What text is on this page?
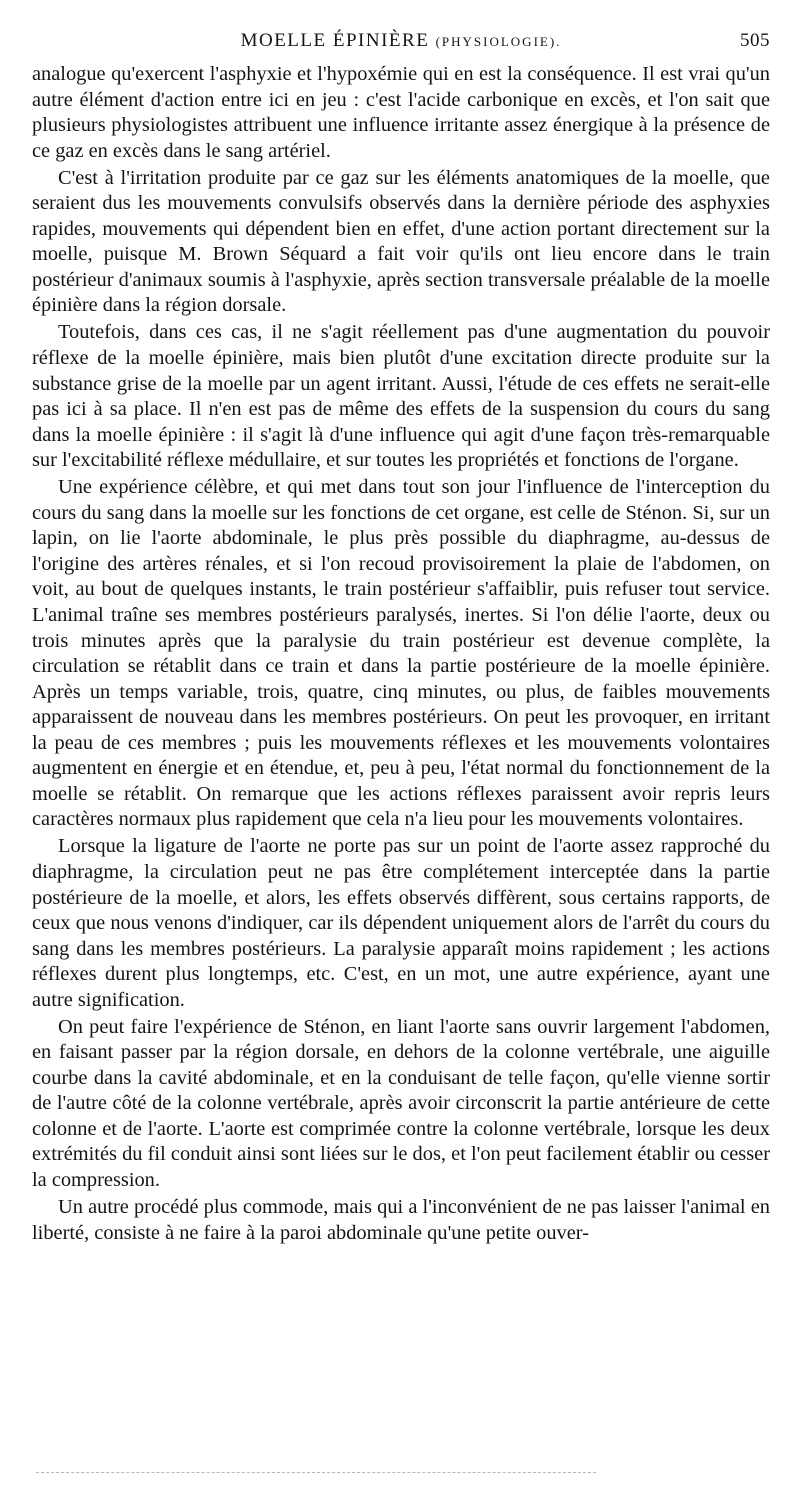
MOELLE ÉPINIÈRE (PHYSIOLOGIE).	505

analogue qu'exercent l'asphyxie et l'hypoxémie qui en est la conséquence. Il est vrai qu'un autre élément d'action entre ici en jeu : c'est l'acide carbonique en excès, et l'on sait que plusieurs physiologistes attribuent une influence irritante assez énergique à la présence de ce gaz en excès dans le sang artériel.

C'est à l'irritation produite par ce gaz sur les éléments anatomiques de la moelle, que seraient dus les mouvements convulsifs observés dans la dernière période des asphyxies rapides, mouvements qui dépendent bien en effet, d'une action portant directement sur la moelle, puisque M. Brown Séquard a fait voir qu'ils ont lieu encore dans le train postérieur d'animaux soumis à l'asphyxie, après section transversale préalable de la moelle épinière dans la région dorsale.

Toutefois, dans ces cas, il ne s'agit réellement pas d'une augmentation du pouvoir réflexe de la moelle épinière, mais bien plutôt d'une excitation directe produite sur la substance grise de la moelle par un agent irritant. Aussi, l'étude de ces effets ne serait-elle pas ici à sa place. Il n'en est pas de même des effets de la suspension du cours du sang dans la moelle épinière : il s'agit là d'une influence qui agit d'une façon très-remarquable sur l'excitabilité réflexe médullaire, et sur toutes les propriétés et fonctions de l'organe.

Une expérience célèbre, et qui met dans tout son jour l'influence de l'interception du cours du sang dans la moelle sur les fonctions de cet organe, est celle de Sténon. Si, sur un lapin, on lie l'aorte abdominale, le plus près possible du diaphragme, au-dessus de l'origine des artères rénales, et si l'on recoud provisoirement la plaie de l'abdomen, on voit, au bout de quelques instants, le train postérieur s'affaiblir, puis refuser tout service. L'animal traîne ses membres postérieurs paralysés, inertes. Si l'on délie l'aorte, deux ou trois minutes après que la paralysie du train postérieur est devenue complète, la circulation se rétablit dans ce train et dans la partie postérieure de la moelle épinière. Après un temps variable, trois, quatre, cinq minutes, ou plus, de faibles mouvements apparaissent de nouveau dans les membres postérieurs. On peut les provoquer, en irritant la peau de ces membres ; puis les mouvements réflexes et les mouvements volontaires augmentent en énergie et en étendue, et, peu à peu, l'état normal du fonctionnement de la moelle se rétablit. On remarque que les actions réflexes paraissent avoir repris leurs caractères normaux plus rapidement que cela n'a lieu pour les mouvements volontaires.

Lorsque la ligature de l'aorte ne porte pas sur un point de l'aorte assez rapproché du diaphragme, la circulation peut ne pas être complétement interceptée dans la partie postérieure de la moelle, et alors, les effets observés diffèrent, sous certains rapports, de ceux que nous venons d'indiquer, car ils dépendent uniquement alors de l'arrêt du cours du sang dans les membres postérieurs. La paralysie apparaît moins rapidement ; les actions réflexes durent plus longtemps, etc. C'est, en un mot, une autre expérience, ayant une autre signification.

On peut faire l'expérience de Sténon, en liant l'aorte sans ouvrir largement l'abdomen, en faisant passer par la région dorsale, en dehors de la colonne vertébrale, une aiguille courbe dans la cavité abdominale, et en la conduisant de telle façon, qu'elle vienne sortir de l'autre côté de la colonne vertébrale, après avoir circonscrit la partie antérieure de cette colonne et de l'aorte. L'aorte est comprimée contre la colonne vertébrale, lorsque les deux extrémités du fil conduit ainsi sont liées sur le dos, et l'on peut facilement établir ou cesser la compression.

Un autre procédé plus commode, mais qui a l'inconvénient de ne pas laisser l'animal en liberté, consiste à ne faire à la paroi abdominale qu'une petite ouver-
